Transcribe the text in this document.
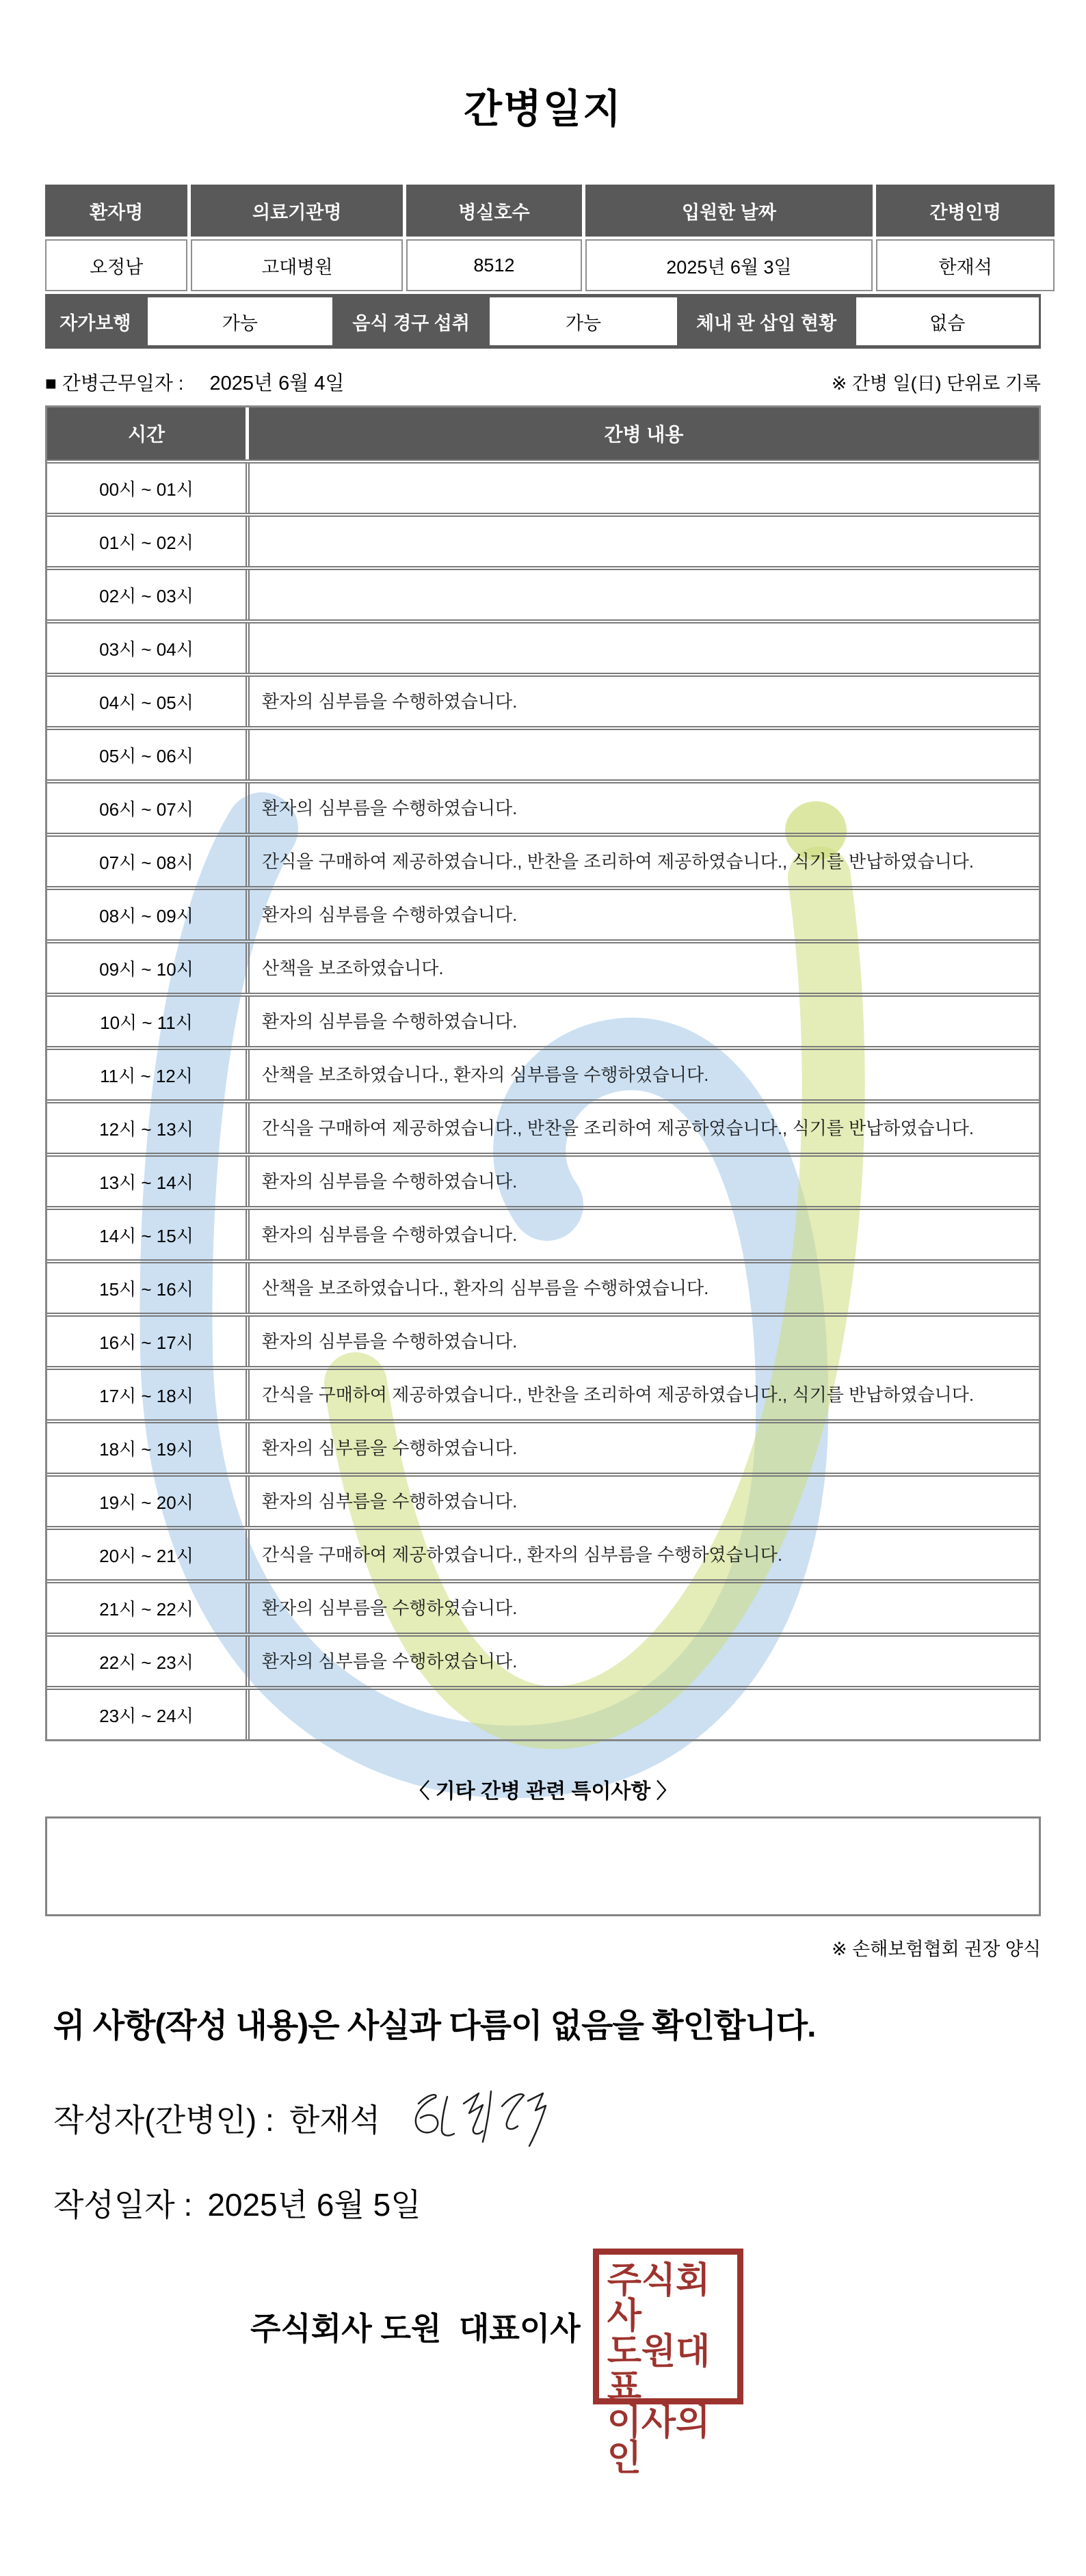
간병일지
환자명	의료기관명	병실호수	입원한 날짜	간병인명
오정남	고대병원	8512	2025년 6월 3일	한재석
자가보행	가능	음식 경구 섭취	가능	체내 관 삽입 현황	없슴
■ 간병근무일자 : 2025년 6월 4일	※ 간병 일(日) 단위로 기록
시간	간병 내용
00시 ~ 01시
01시 ~ 02시
02시 ~ 03시
03시 ~ 04시
04시 ~ 05시	환자의 심부름을 수행하였습니다.
05시 ~ 06시
06시 ~ 07시	환자의 심부름을 수행하였습니다.
07시 ~ 08시	간식을 구매하여 제공하였습니다., 반찬을 조리하여 제공하였습니다., 식기를 반납하였습니다.
08시 ~ 09시	환자의 심부름을 수행하였습니다.
09시 ~ 10시	산책을 보조하였습니다.
10시 ~ 11시	환자의 심부름을 수행하였습니다.
11시 ~ 12시	산책을 보조하였습니다., 환자의 심부름을 수행하였습니다.
12시 ~ 13시	간식을 구매하여 제공하였습니다., 반찬을 조리하여 제공하였습니다., 식기를 반납하였습니다.
13시 ~ 14시	환자의 심부름을 수행하였습니다.
14시 ~ 15시	환자의 심부름을 수행하였습니다.
15시 ~ 16시	산책을 보조하였습니다., 환자의 심부름을 수행하였습니다.
16시 ~ 17시	환자의 심부름을 수행하였습니다.
17시 ~ 18시	간식을 구매하여 제공하였습니다., 반찬을 조리하여 제공하였습니다., 식기를 반납하였습니다.
18시 ~ 19시	환자의 심부름을 수행하였습니다.
19시 ~ 20시	환자의 심부름을 수행하였습니다.
20시 ~ 21시	간식을 구매하여 제공하였습니다., 환자의 심부름을 수행하였습니다.
21시 ~ 22시	환자의 심부름을 수행하였습니다.
22시 ~ 23시	환자의 심부름을 수행하였습니다.
23시 ~ 24시
〈 기타 간병 관련 특이사항 〉
※ 손해보험협회 권장 양식
위 사항(작성 내용)은 사실과 다름이 없음을 확인합니다.
작성자(간병인) : 한재석
작성일자 : 2025년 6월 5일
주식회사 도원  대표이사
주식회사
도원대표
이사의인
